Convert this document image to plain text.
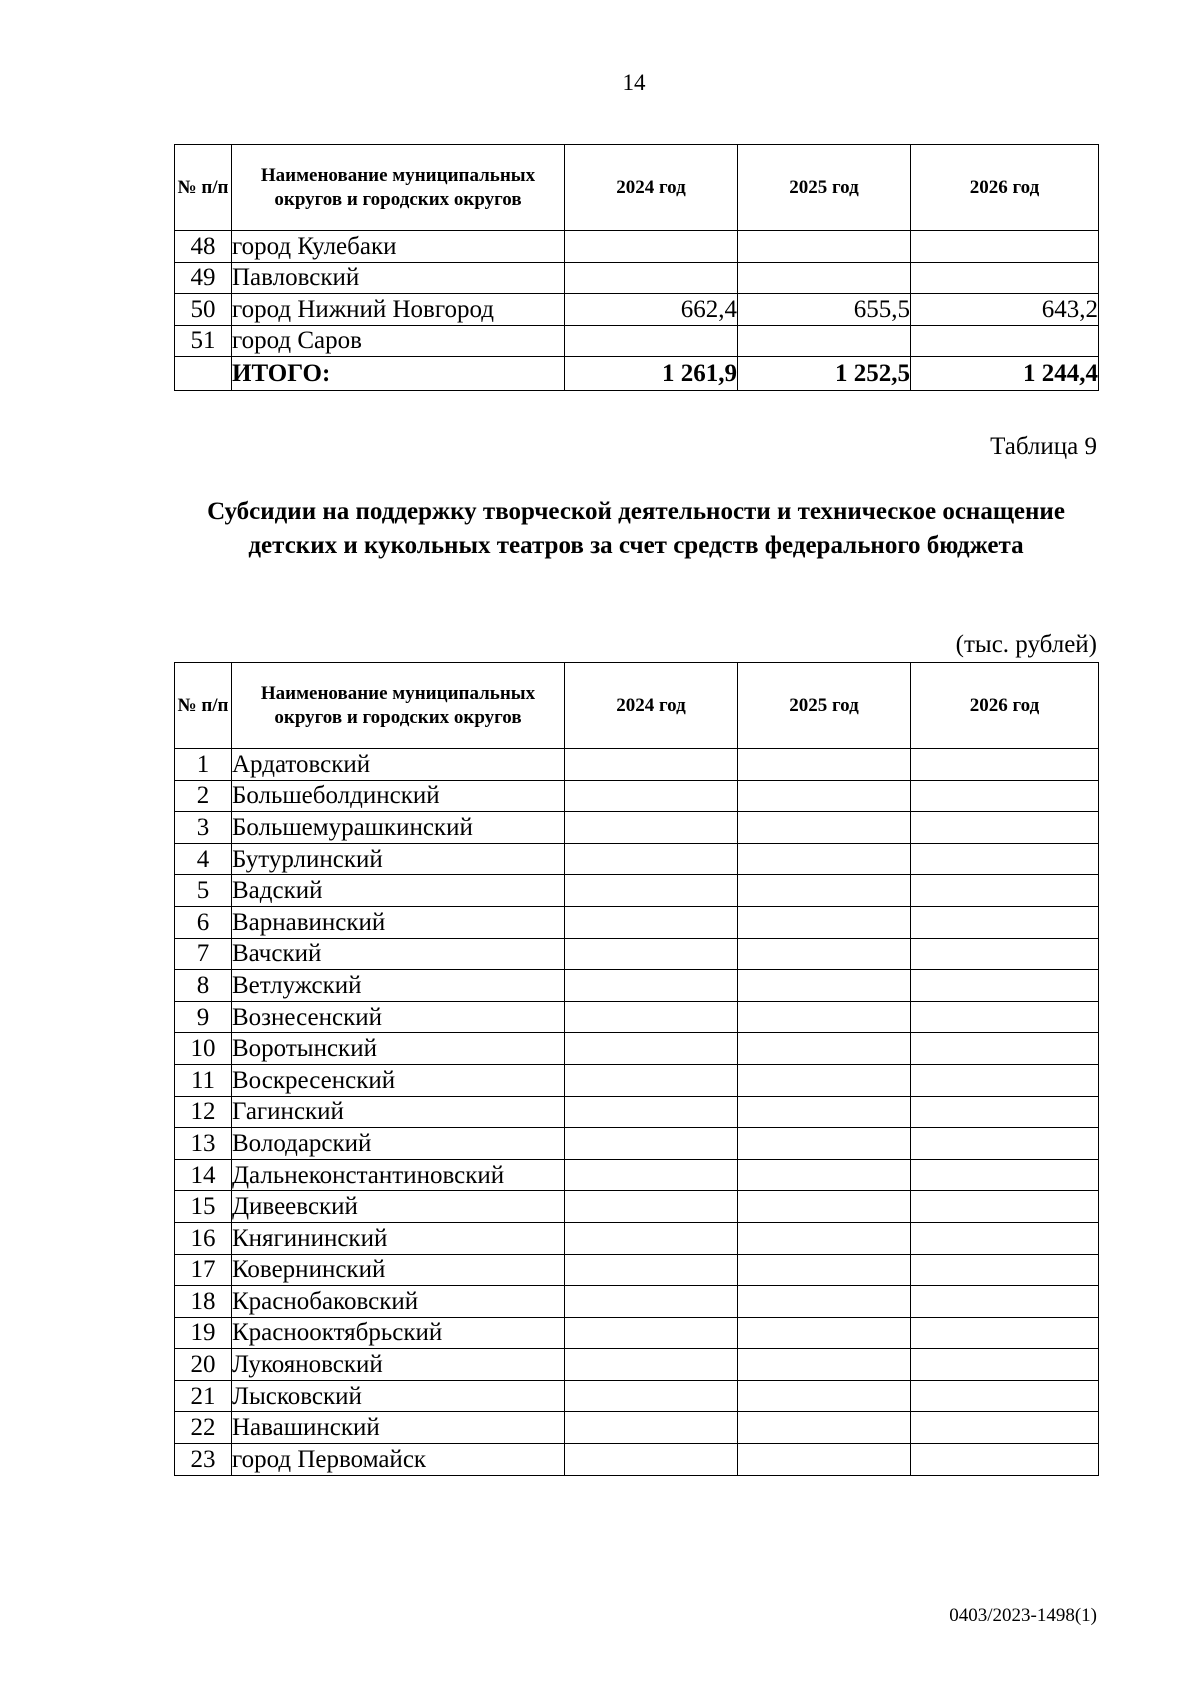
14
№ п/п	Наименование муниципальных округов и городских округов	2024 год	2025 год	2026 год
48	город Кулебаки			
49	Павловский			
50	город Нижний Новгород	662,4	655,5	643,2
51	город Саров			
	ИТОГО:	1 261,9	1 252,5	1 244,4
Таблица 9
Субсидии на поддержку творческой деятельности и техническое оснащение детских и кукольных театров за счет средств федерального бюджета
(тыс. рублей)
№ п/п	Наименование муниципальных округов и городских округов	2024 год	2025 год	2026 год
1	Ардатовский			
2	Большеболдинский			
3	Большемурашкинский			
4	Бутурлинский			
5	Вадский			
6	Варнавинский			
7	Вачский			
8	Ветлужский			
9	Вознесенский			
10	Воротынский			
11	Воскресенский			
12	Гагинский			
13	Володарский			
14	Дальнеконстантиновский			
15	Дивеевский			
16	Княгининский			
17	Ковернинский			
18	Краснобаковский			
19	Краснооктябрьский			
20	Лукояновский			
21	Лысковский			
22	Навашинский			
23	город Первомайск			
0403/2023-1498(1)
